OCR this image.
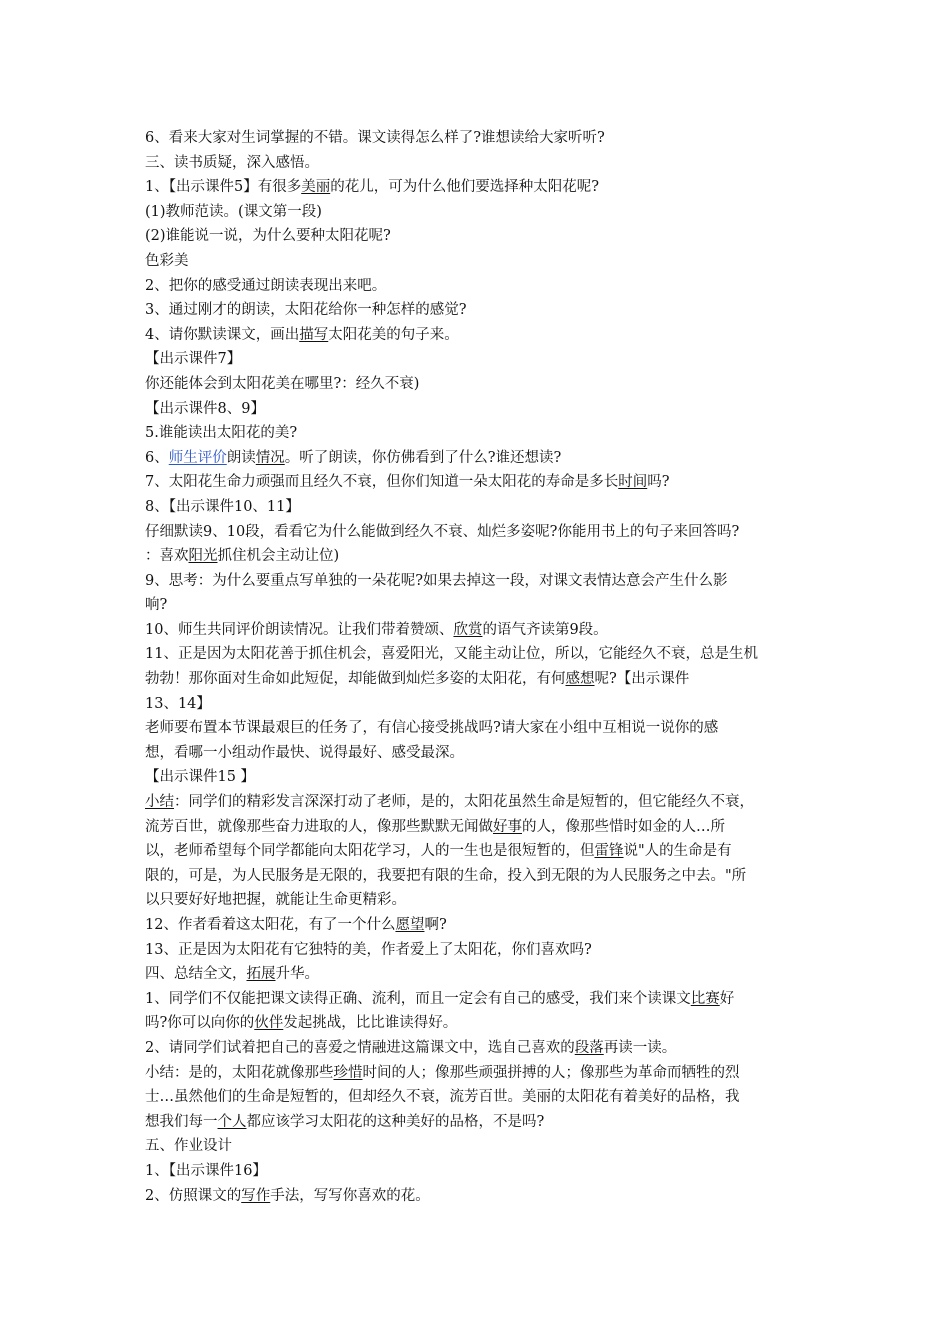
6、看来大家对生词掌握的不错。课文读得怎么样了?谁想读给大家听听?
三、读书质疑，深入感悟。
1、【出示课件5】有很多美丽的花儿，可为什么他们要选择种太阳花呢?
(1)教师范读。(课文第一段)
(2)谁能说一说，为什么要种太阳花呢?
色彩美
2、把你的感受通过朗读表现出来吧。
3、通过刚才的朗读，太阳花给你一种怎样的感觉?
4、请你默读课文，画出描写太阳花美的句子来。
【出示课件7】
你还能体会到太阳花美在哪里?：经久不衰)
【出示课件8、9】
5.谁能读出太阳花的美?
6、师生评价朗读情况。听了朗读，你仿佛看到了什么?谁还想读?
7、太阳花生命力顽强而且经久不衰，但你们知道一朵太阳花的寿命是多长时间吗?
8、【出示课件10、11】
仔细默读9、10段，看看它为什么能做到经久不衰、灿烂多姿呢?你能用书上的句子来回答吗?
：喜欢阳光抓住机会主动让位)
9、思考：为什么要重点写单独的一朵花呢?如果去掉这一段，对课文表情达意会产生什么影
响?
10、师生共同评价朗读情况。让我们带着赞颂、欣赏的语气齐读第9段。
11、正是因为太阳花善于抓住机会，喜爱阳光，又能主动让位，所以，它能经久不衰，总是生机
勃勃！那你面对生命如此短促，却能做到灿烂多姿的太阳花，有何感想呢?【出示课件
13、14】
老师要布置本节课最艰巨的任务了，有信心接受挑战吗?请大家在小组中互相说一说你的感
想，看哪一小组动作最快、说得最好、感受最深。
【出示课件15 】
小结：同学们的精彩发言深深打动了老师，是的，太阳花虽然生命是短暂的，但它能经久不衰，
流芳百世，就像那些奋力进取的人，像那些默默无闻做好事的人，像那些惜时如金的人…所
以，老师希望每个同学都能向太阳花学习，人的一生也是很短暂的，但雷锋说"人的生命是有
限的，可是，为人民服务是无限的，我要把有限的生命，投入到无限的为人民服务之中去。"所
以只要好好地把握，就能让生命更精彩。
12、作者看着这太阳花，有了一个什么愿望啊?
13、正是因为太阳花有它独特的美，作者爱上了太阳花，你们喜欢吗?
四、总结全文，拓展升华。
1、同学们不仅能把课文读得正确、流利，而且一定会有自己的感受，我们来个读课文比赛好
吗?你可以向你的伙伴发起挑战，比比谁读得好。
2、请同学们试着把自己的喜爱之情融进这篇课文中，选自己喜欢的段落再读一读。
小结：是的，太阳花就像那些珍惜时间的人；像那些顽强拼搏的人；像那些为革命而牺牲的烈
士…虽然他们的生命是短暂的，但却经久不衰，流芳百世。美丽的太阳花有着美好的品格，我
想我们每一个人都应该学习太阳花的这种美好的品格，不是吗?
五、作业设计
1、【出示课件16】
2、仿照课文的写作手法，写写你喜欢的花。
